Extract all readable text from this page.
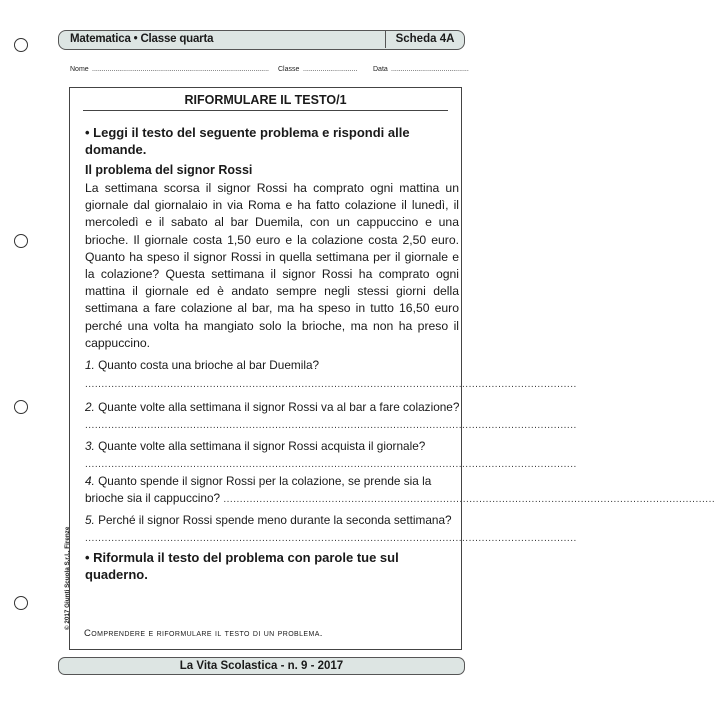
Matematica • Classe quarta	Scheda 4A
Nome ........................................................................................... Classe ............................ Data ........................................
RIFORMULARE IL TESTO/1
• Leggi il testo del seguente problema e rispondi alle domande.
Il problema del signor Rossi
La settimana scorsa il signor Rossi ha comprato ogni mattina un giornale dal giornalaio in via Roma e ha fatto colazione il lunedì, il mercoledì e il sabato al bar Duemila, con un cappuccino e una brioche. Il giornale costa 1,50 euro e la colazione costa 2,50 euro. Quanto ha speso il signor Rossi in quella settimana per il giornale e la colazione? Questa settimana il signor Rossi ha comprato ogni mattina il giornale ed è andato sempre negli stessi giorni della settimana a fare colazione al bar, ma ha speso in tutto 16,50 euro perché una volta ha mangiato solo la brioche, ma non ha preso il cappuccino.
1. Quanto costa una brioche al bar Duemila?
......................................................................................................................................................
2. Quante volte alla settimana il signor Rossi va al bar a fare colazione?
......................................................................................................................................................
3. Quante volte alla settimana il signor Rossi acquista il giornale?
......................................................................................................................................................
4. Quanto spende il signor Rossi per la colazione, se prende sia la
brioche sia il cappuccino? ......................................................................................................................................................
5. Perché il signor Rossi spende meno durante la seconda settimana?
......................................................................................................................................................
• Riformula il testo del problema con parole tue sul quaderno.
Comprendere e riformulare il testo di un problema.
© 2017 Giunti Scuola S.r.l., Firenze
La Vita Scolastica - n. 9 - 2017
